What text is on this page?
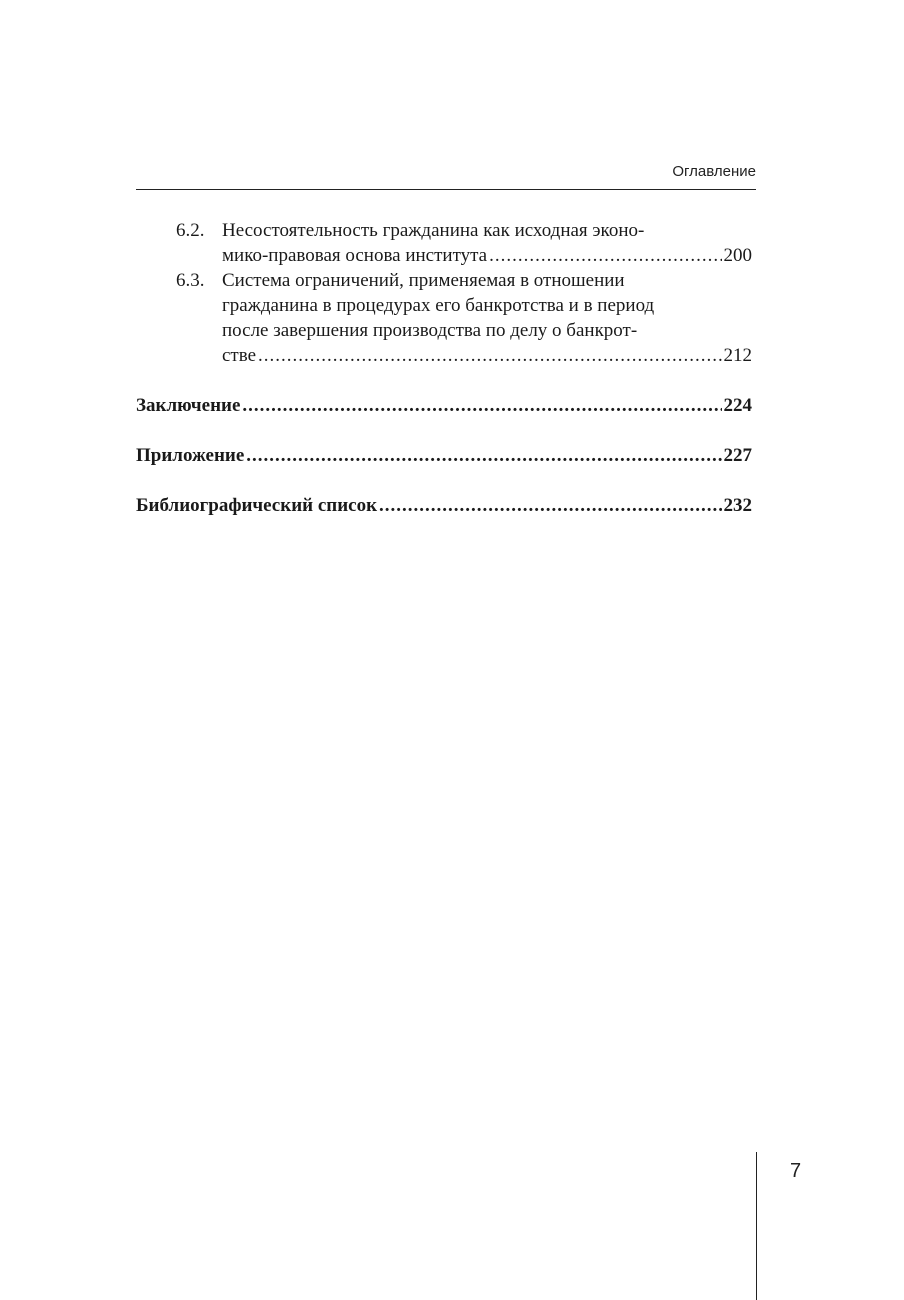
Оглавление
6.2. Несостоятельность гражданина как исходная эконо-
мико-правовая основа института .....	200
6.3. Система ограничений, применяемая в отношении
гражданина в процедурах его банкротства и в период
после завершения производства по делу о банкрот-
стве .....	212
Заключение .....	224
Приложение .....	227
Библиографический список .....	232
7
